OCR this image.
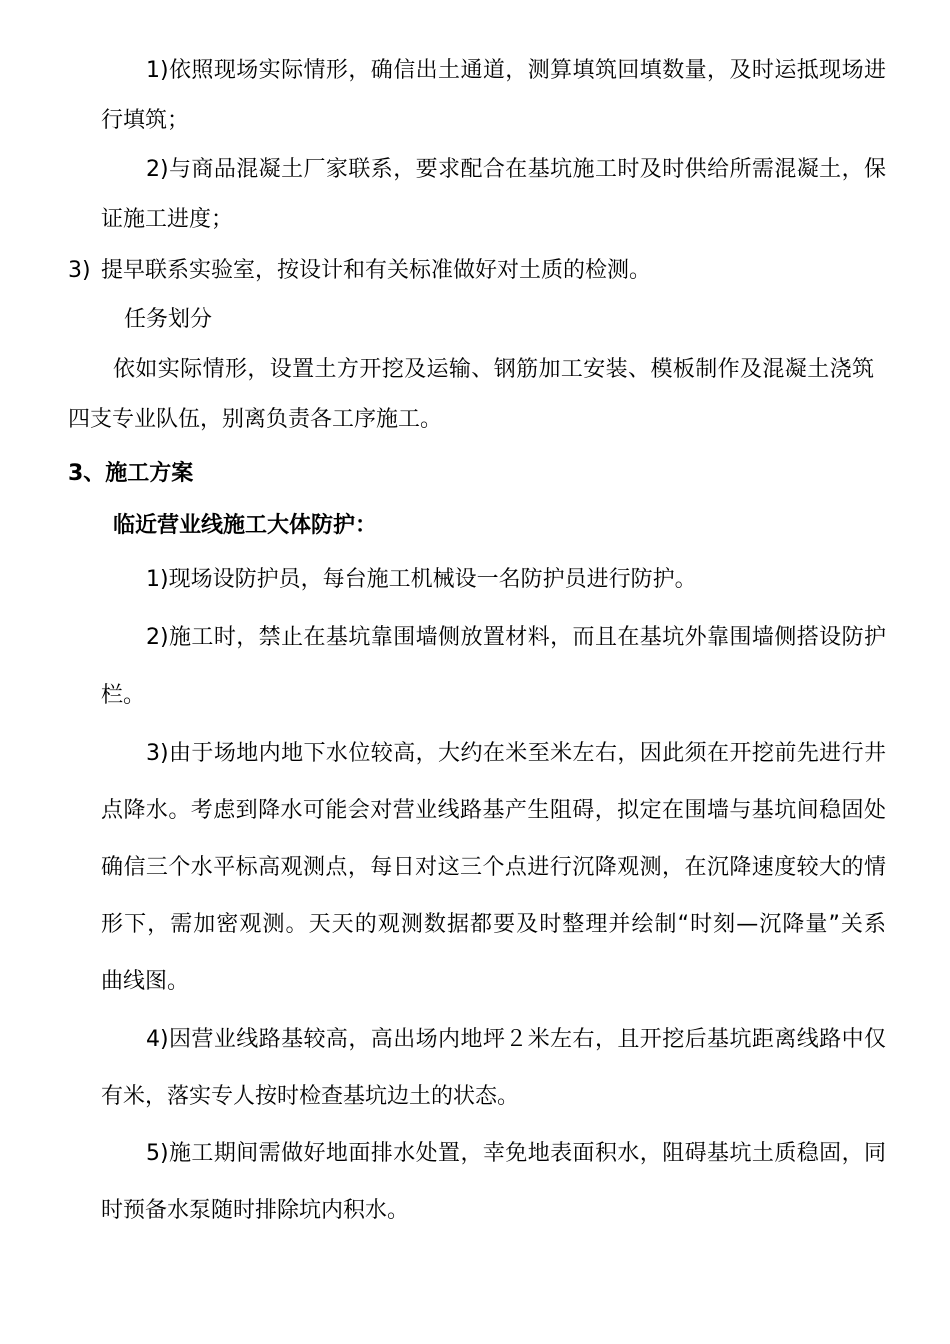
1)依照现场实际情形，确信出土通道，测算填筑回填数量，及时运抵现场进
行填筑；
2)与商品混凝土厂家联系，要求配合在基坑施工时及时供给所需混凝土，保
证施工进度；
3) 提早联系实验室，按设计和有关标准做好对土质的检测。
任务划分
依如实际情形，设置土方开挖及运输、钢筋加工安装、模板制作及混凝土浇筑
四支专业队伍，别离负责各工序施工。
3、施工方案
临近营业线施工大体防护：
1)现场设防护员，每台施工机械设一名防护员进行防护。
2)施工时，禁止在基坑靠围墙侧放置材料，而且在基坑外靠围墙侧搭设防护
栏。
3)由于场地内地下水位较高，大约在米至米左右，因此须在开挖前先进行井
点降水。考虑到降水可能会对营业线路基产生阻碍，拟定在围墙与基坑间稳固处
确信三个水平标高观测点，每日对这三个点进行沉降观测，在沉降速度较大的情
形下，需加密观测。天天的观测数据都要及时整理并绘制“时刻—沉降量”关系
曲线图。
4)因营业线路基较高，高出场内地坪２米左右，且开挖后基坑距离线路中仅
有米，落实专人按时检查基坑边土的状态。
5)施工期间需做好地面排水处置，幸免地表面积水，阻碍基坑土质稳固，同
时预备水泵随时排除坑内积水。
